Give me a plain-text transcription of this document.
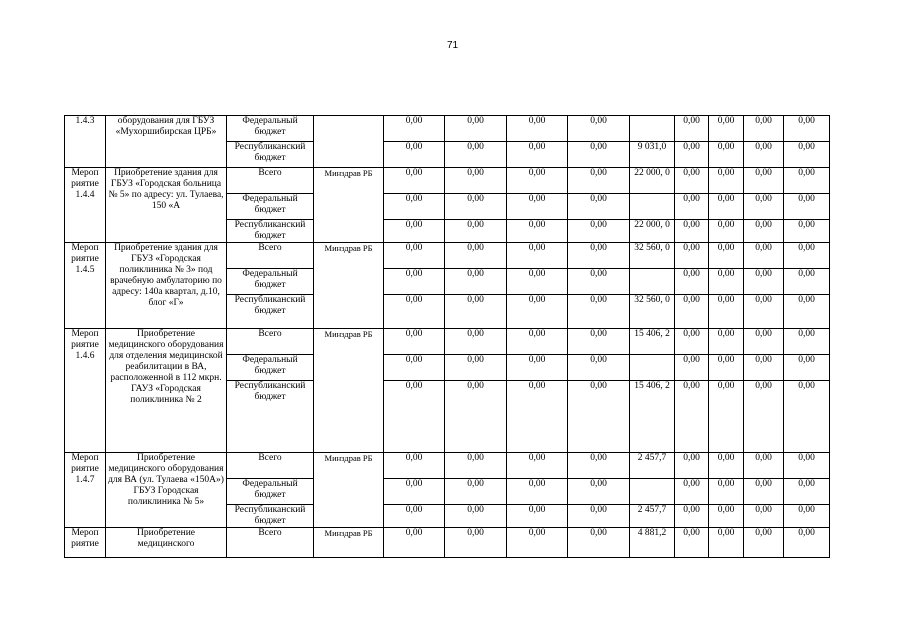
71
1.4.3	оборудования для ГБУЗ «Мухоршибирская ЦРБ»	Федеральный бюджет		0,00	0,00	0,00	0,00		0,00	0,00	0,00	0,00
		Республиканский бюджет		0,00	0,00	0,00	0,00	9 031,0	0,00	0,00	0,00	0,00
Мероп риятие 1.4.4	Приобретение здания для ГБУЗ «Городская больница № 5» по адресу: ул. Тулаева, 150 «А	Всего	Минздрав РБ	0,00	0,00	0,00	0,00	22 000, 0	0,00	0,00	0,00	0,00
		Федеральный бюджет		0,00	0,00	0,00	0,00		0,00	0,00	0,00	0,00
		Республиканский бюджет		0,00	0,00	0,00	0,00	22 000, 0	0,00	0,00	0,00	0,00
Мероп риятие 1.4.5	Приобретение здания для ГБУЗ «Городская поликлиника № 3» под врачебную амбулаторию по адресу: 140а квартал, д.10, блог «Г»	Всего	Минздрав РБ	0,00	0,00	0,00	0,00	32 560, 0	0,00	0,00	0,00	0,00
		Федеральный бюджет		0,00	0,00	0,00	0,00		0,00	0,00	0,00	0,00
		Республиканский бюджет		0,00	0,00	0,00	0,00	32 560, 0	0,00	0,00	0,00	0,00
Мероп риятие 1.4.6	Приобретение медицинского оборудования для отделения медицинской реабилитации в ВА, расположенной в 112 мкрн. ГАУЗ «Городская поликлиника № 2	Всего	Минздрав РБ	0,00	0,00	0,00	0,00	15 406, 2	0,00	0,00	0,00	0,00
		Федеральный бюджет		0,00	0,00	0,00	0,00		0,00	0,00	0,00	0,00
		Республиканский бюджет		0,00	0,00	0,00	0,00	15 406, 2	0,00	0,00	0,00	0,00
Мероп риятие 1.4.7	Приобретение медицинского оборудования для ВА (ул. Тулаева «150А») ГБУЗ Городская поликлиника № 5»	Всего	Минздрав РБ	0,00	0,00	0,00	0,00	2 457,7	0,00	0,00	0,00	0,00
		Федеральный бюджет		0,00	0,00	0,00	0,00		0,00	0,00	0,00	0,00
		Республиканский бюджет		0,00	0,00	0,00	0,00	2 457,7	0,00	0,00	0,00	0,00
Мероп риятие	Приобретение медицинского	Всего	Минздрав РБ	0,00	0,00	0,00	0,00	4 881,2	0,00	0,00	0,00	0,00
